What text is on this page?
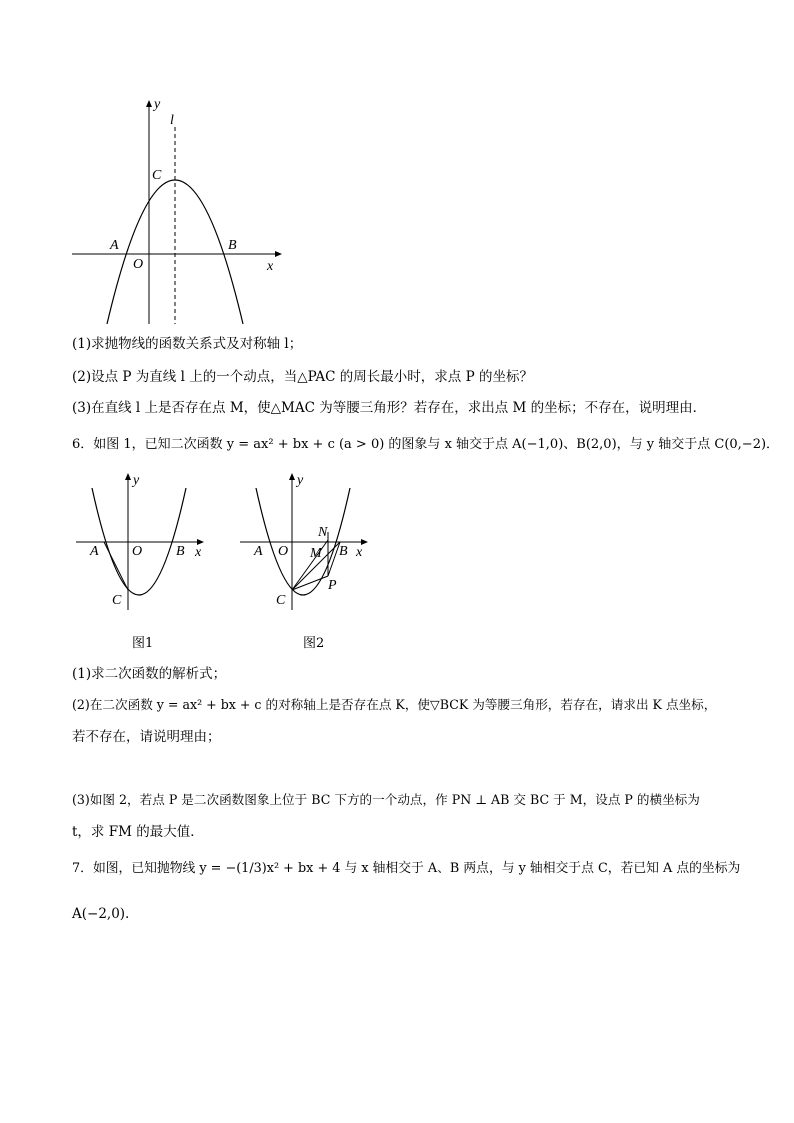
y
l
C
A	B
O	x
(1)求抛物线的函数关系式及对称轴 l；
(2)设点 P 为直线 l 上的一个动点，当△PAC 的周长最小时，求点 P 的坐标？
(3)在直线 l 上是否存在点 M，使△MAC 为等腰三角形？若存在，求出点 M 的坐标；不存在，说明理由．
6．如图 1，已知二次函数 y = ax² + bx + c (a > 0) 的图象与 x 轴交于点 A(−1,0)、B(2,0)，与 y 轴交于点 C(0,−2)．
y
A O B x
C
图1
y
A O
N
M B x
P
C
图2
(1)求二次函数的解析式；
(2)在二次函数 y = ax² + bx + c 的对称轴上是否存在点 K，使▽BCK 为等腰三角形，若存在，请求出 K 点坐标，
若不存在，请说明理由；
(3)如图 2，若点 P 是二次函数图象上位于 BC 下方的一个动点，作 PN ⊥ AB 交 BC 于 M，设点 P 的横坐标为
t，求 FM 的最大值．
7．如图，已知抛物线 y = −(1/3)x² + bx + 4 与 x 轴相交于 A、B 两点，与 y 轴相交于点 C，若已知 A 点的坐标为
A(−2,0)．
